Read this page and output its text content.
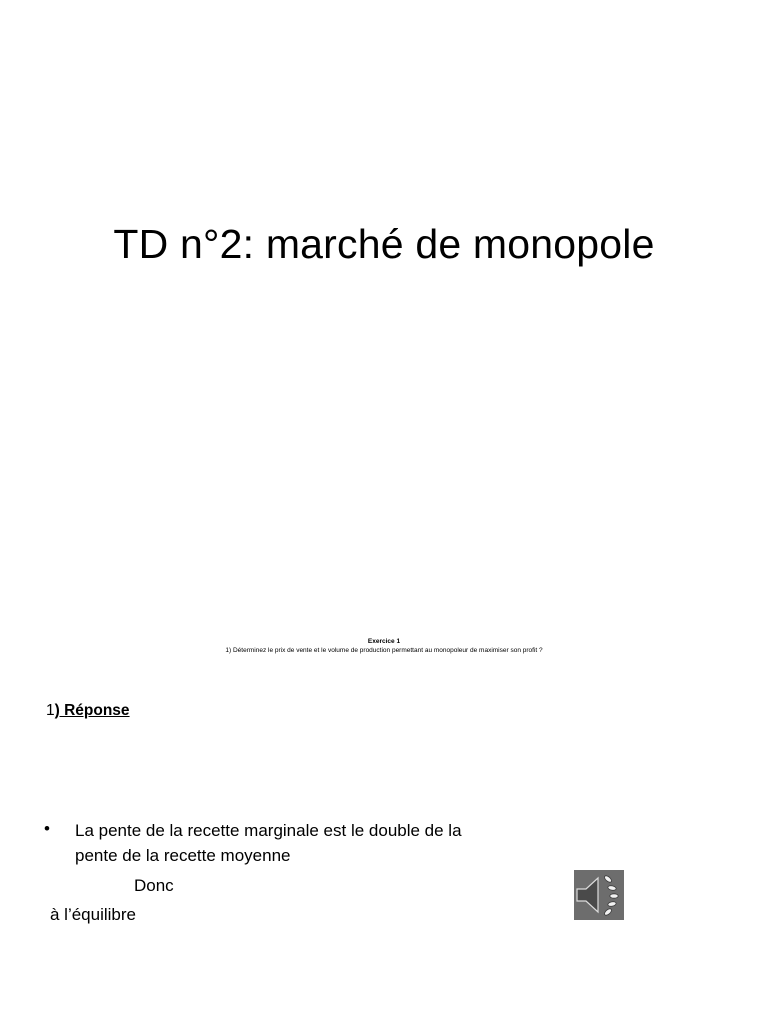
TD n°2: marché de monopole
Exercice 1
1) Déterminez le prix de vente et le volume de production permettant au monopoleur de maximiser son profit ?
1) Réponse
• La pente de la recette marginale est le double de la pente de la recette moyenne
Donc
à l’équilibre
